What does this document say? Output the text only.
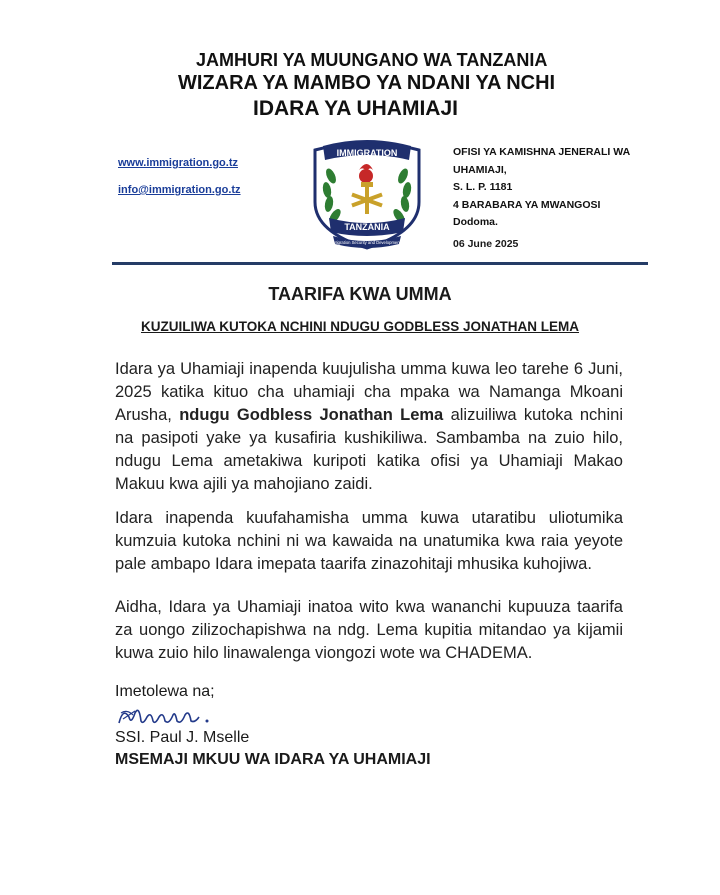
JAMHURI YA MUUNGANO WA TANZANIA
WIZARA YA MAMBO YA NDANI YA NCHI
IDARA YA UHAMIAJI
www.immigration.go.tz
info@immigration.go.tz
IMMIGRATION
TANZANIA
Migration Security and Development
OFISI YA KAMISHNA JENERALI WA
UHAMIAJI,
S. L. P. 1181
4 BARABARA YA MWANGOSI
Dodoma.
06 June 2025
TAARIFA KWA UMMA
KUZUILIWA KUTOKA NCHINI NDUGU GODBLESS JONATHAN LEMA
Idara ya Uhamiaji inapenda kuujulisha umma kuwa leo tarehe 6 Juni, 2025 katika kituo cha uhamiaji cha mpaka wa Namanga Mkoani Arusha, ndugu Godbless Jonathan Lema alizuiliwa kutoka nchini na pasipoti yake ya kusafiria kushikiliwa. Sambamba na zuio hilo, ndugu Lema ametakiwa kuripoti katika ofisi ya Uhamiaji Makao Makuu kwa ajili ya mahojiano zaidi.
Idara inapenda kuufahamisha umma kuwa utaratibu uliotumika kumzuia kutoka nchini ni wa kawaida na unatumika kwa raia yeyote pale ambapo Idara imepata taarifa zinazohitaji mhusika kuhojiwa.
Aidha, Idara ya Uhamiaji inatoa wito kwa wananchi kupuuza taarifa za uongo zilizochapishwa na ndg. Lema kupitia mitandao ya kijamii kuwa zuio hilo linawalenga viongozi wote wa CHADEMA.
Imetolewa na;
SSI. Paul J. Mselle
MSEMAJI MKUU WA IDARA YA UHAMIAJI
